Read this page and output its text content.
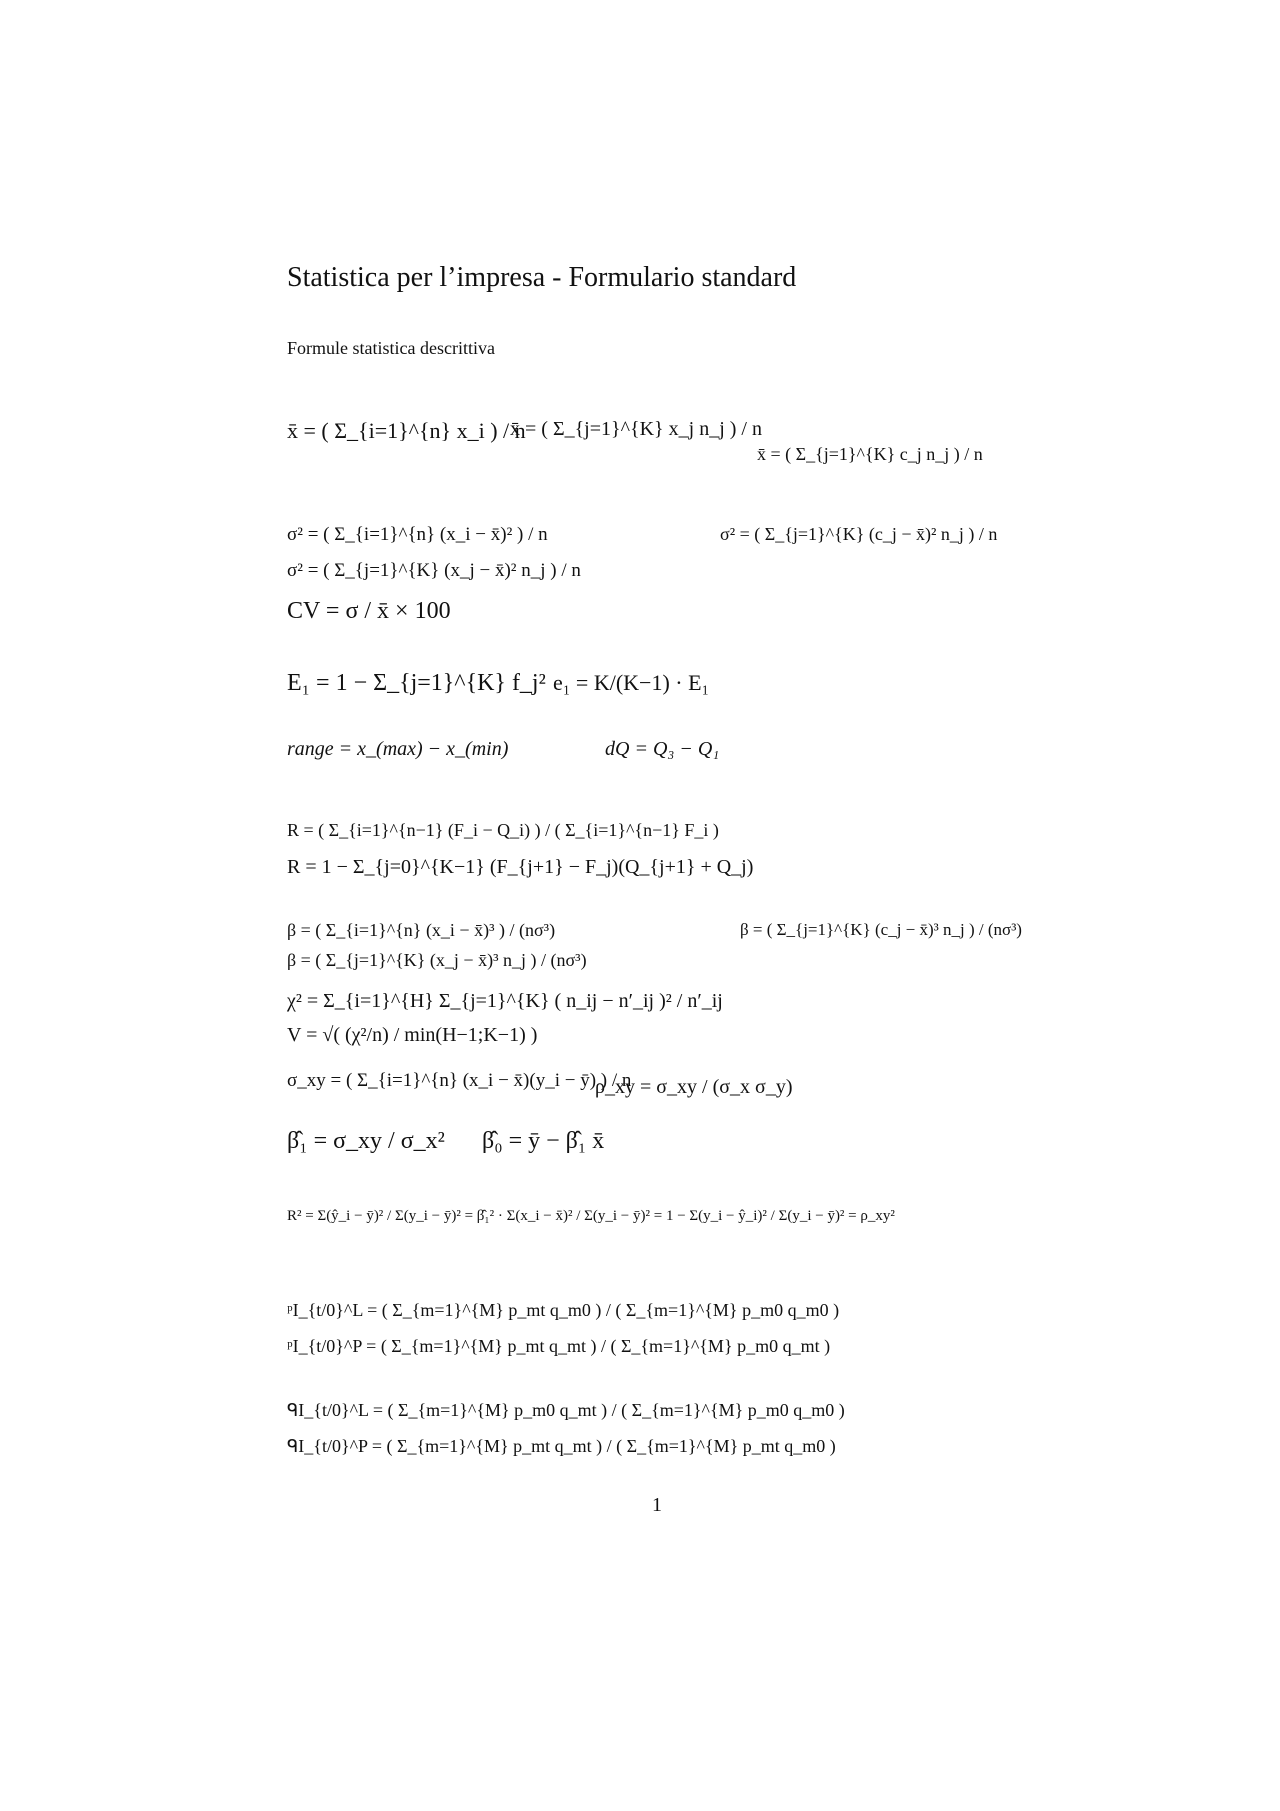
Statistica per l’impresa - Formulario standard
Formule statistica descrittiva
x̄ = ( Σ_{i=1}^{n} x_i ) / n
x̄ = ( Σ_{j=1}^{K} x_j n_j ) / n
x̄ = ( Σ_{j=1}^{K} c_j n_j ) / n
σ² = ( Σ_{i=1}^{n} (x_i − x̄)² ) / n
σ² = ( Σ_{j=1}^{K} (x_j − x̄)² n_j ) / n
σ² = ( Σ_{j=1}^{K} (c_j − x̄)² n_j ) / n
CV = σ / x̄ × 100
E₁ = 1 − Σ_{j=1}^{K} f_j² e₁ = K/(K−1) · E₁
range = x_(max) − x_(min)	dQ = Q₃ − Q₁
R = ( Σ_{i=1}^{n−1} (F_i − Q_i) ) / ( Σ_{i=1}^{n−1} F_i )
R = 1 − Σ_{j=0}^{K−1} (F_{j+1} − F_j)(Q_{j+1} + Q_j)
β = ( Σ_{i=1}^{n} (x_i − x̄)³ ) / (nσ³)
β = ( Σ_{j=1}^{K} (x_j − x̄)³ n_j ) / (nσ³)
β = ( Σ_{j=1}^{K} (c_j − x̄)³ n_j ) / (nσ³)
χ² = Σ_{i=1}^{H} Σ_{j=1}^{K} ( n_ij − n′_ij )² / n′_ij
V = √( (χ²/n) / min(H−1;K−1) )
σ_xy = ( Σ_{i=1}^{n} (x_i − x̄)(y_i − ȳ) ) / n
ρ_xy = σ_xy / (σ_x σ_y)
β̂₁ = σ_xy / σ_x² β̂₀ = ȳ − β̂₁ x̄
R² = Σ(ŷ_i − ȳ)² / Σ(y_i − ȳ)² = β̂₁² · Σ(x_i − x̄)² / Σ(y_i − ȳ)² = 1 − Σ(y_i − ŷ_i)² / Σ(y_i − ȳ)² = ρ_xy²
ᵖI_{t/0}^L = ( Σ_{m=1}^{M} p_mt q_m0 ) / ( Σ_{m=1}^{M} p_m0 q_m0 )
ᵖI_{t/0}^P = ( Σ_{m=1}^{M} p_mt q_mt ) / ( Σ_{m=1}^{M} p_m0 q_mt )
ᑫI_{t/0}^L = ( Σ_{m=1}^{M} p_m0 q_mt ) / ( Σ_{m=1}^{M} p_m0 q_m0 )
ᑫI_{t/0}^P = ( Σ_{m=1}^{M} p_mt q_mt ) / ( Σ_{m=1}^{M} p_mt q_m0 )
1
